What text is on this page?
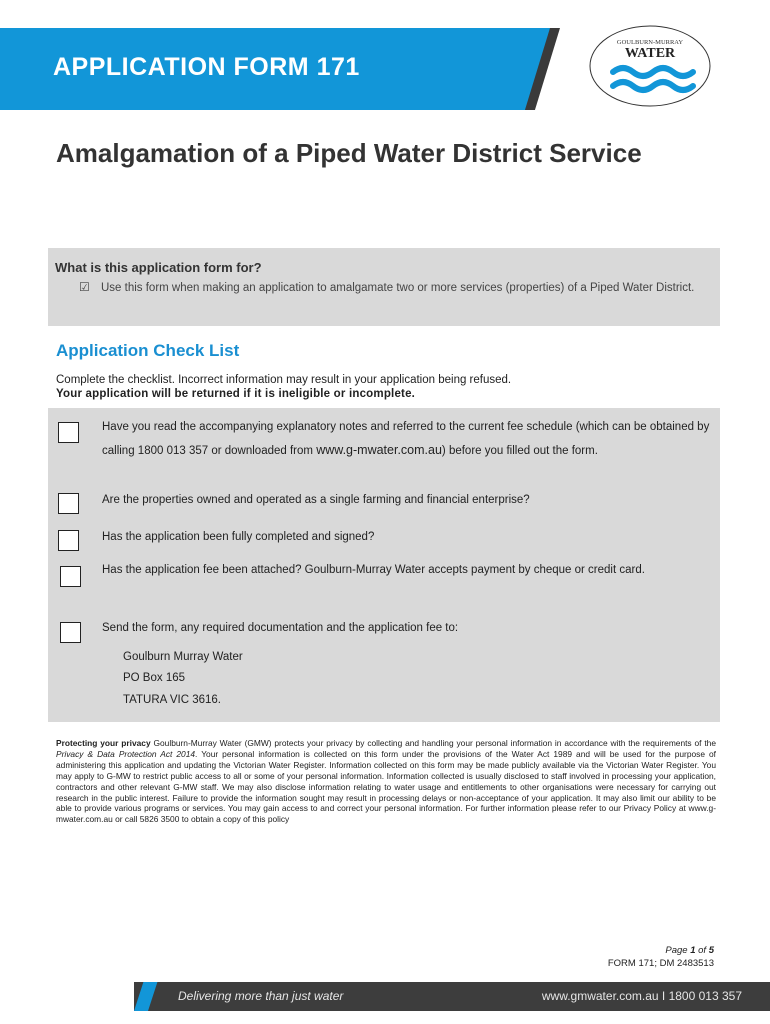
APPLICATION FORM 171
GOULBURN-MURRAY
WATER
Amalgamation of a Piped Water District Service
What is this application form for?
☑ Use this form when making an application to amalgamate two or more services (properties) of a Piped Water District.
Application Check List
Complete the checklist. Incorrect information may result in your application being refused.
Your application will be returned if it is ineligible or incomplete.
Have you read the accompanying explanatory notes and referred to the current fee schedule (which can be obtained by calling 1800 013 357 or downloaded from www.g-mwater.com.au) before you filled out the form.
Are the properties owned and operated as a single farming and financial enterprise?
Has the application been fully completed and signed?
Has the application fee been attached? Goulburn-Murray Water accepts payment by cheque or credit card.
Send the form, any required documentation and the application fee to:
Goulburn Murray Water
PO Box 165
TATURA VIC 3616.
Protecting your privacy Goulburn-Murray Water (GMW) protects your privacy by collecting and handling your personal information in accordance with the requirements of the Privacy & Data Protection Act 2014. Your personal information is collected on this form under the provisions of the Water Act 1989 and will be used for the purpose of administering this application and updating the Victorian Water Register. Information collected on this form may be made publicly available via the Victorian Water Register. You may apply to G-MW to restrict public access to all or some of your personal information. Information collected is usually disclosed to staff involved in processing your application, contractors and other relevant G-MW staff. We may also disclose information relating to water usage and entitlements to other organisations were necessary for carrying out research in the public interest. Failure to provide the information sought may result in processing delays or non-acceptance of your application. It may also limit our ability to be able to provide various programs or services. You may gain access to and correct your personal information. For further information please refer to our Privacy Policy at www.g-mwater.com.au or call 5826 3500 to obtain a copy of this policy
Page 1 of 5
FORM 171; DM 2483513
Delivering more than just water	www.gmwater.com.au I 1800 013 357
